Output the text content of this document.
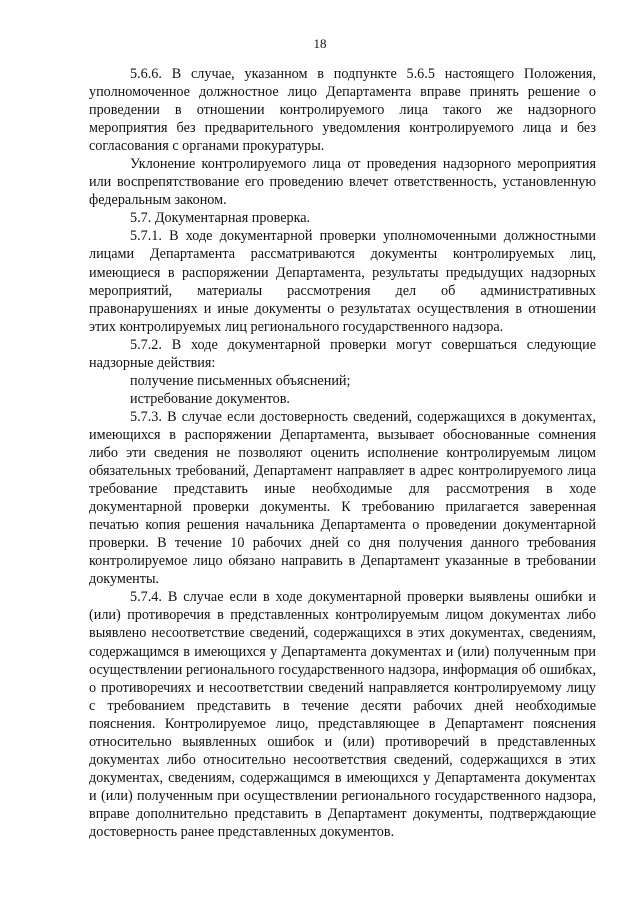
18

5.6.6. В случае, указанном в подпункте 5.6.5 настоящего Положения, уполномоченное должностное лицо Департамента вправе принять решение о проведении в отношении контролируемого лица такого же надзорного мероприятия без предварительного уведомления контролируемого лица и без согласования с органами прокуратуры.

Уклонение контролируемого лица от проведения надзорного мероприятия или воспрепятствование его проведению влечет ответственность, установленную федеральным законом.

5.7. Документарная проверка.

5.7.1. В ходе документарной проверки уполномоченными должностными лицами Департамента рассматриваются документы контролируемых лиц, имеющиеся в распоряжении Департамента, результаты предыдущих надзорных мероприятий, материалы рассмотрения дел об административных правонарушениях и иные документы о результатах осуществления в отношении этих контролируемых лиц регионального государственного надзора.

5.7.2. В ходе документарной проверки могут совершаться следующие надзорные действия:

получение письменных объяснений;

истребование документов.

5.7.3. В случае если достоверность сведений, содержащихся в документах, имеющихся в распоряжении Департамента, вызывает обоснованные сомнения либо эти сведения не позволяют оценить исполнение контролируемым лицом обязательных требований, Департамент направляет в адрес контролируемого лица требование представить иные необходимые для рассмотрения в ходе документарной проверки документы. К требованию прилагается заверенная печатью копия решения начальника Департамента о проведении документарной проверки. В течение 10 рабочих дней со дня получения данного требования контролируемое лицо обязано направить в Департамент указанные в требовании документы.

5.7.4. В случае если в ходе документарной проверки выявлены ошибки и (или) противоречия в представленных контролируемым лицом документах либо выявлено несоответствие сведений, содержащихся в этих документах, сведениям, содержащимся в имеющихся у Департамента документах и (или) полученным при осуществлении регионального государственного надзора, информация об ошибках, о противоречиях и несоответствии сведений направляется контролируемому лицу с требованием представить в течение десяти рабочих дней необходимые пояснения. Контролируемое лицо, представляющее в Департамент пояснения относительно выявленных ошибок и (или) противоречий в представленных документах либо относительно несоответствия сведений, содержащихся в этих документах, сведениям, содержащимся в имеющихся у Департамента документах и (или) полученным при осуществлении регионального государственного надзора, вправе дополнительно представить в Департамент документы, подтверждающие достоверность ранее представленных документов.
